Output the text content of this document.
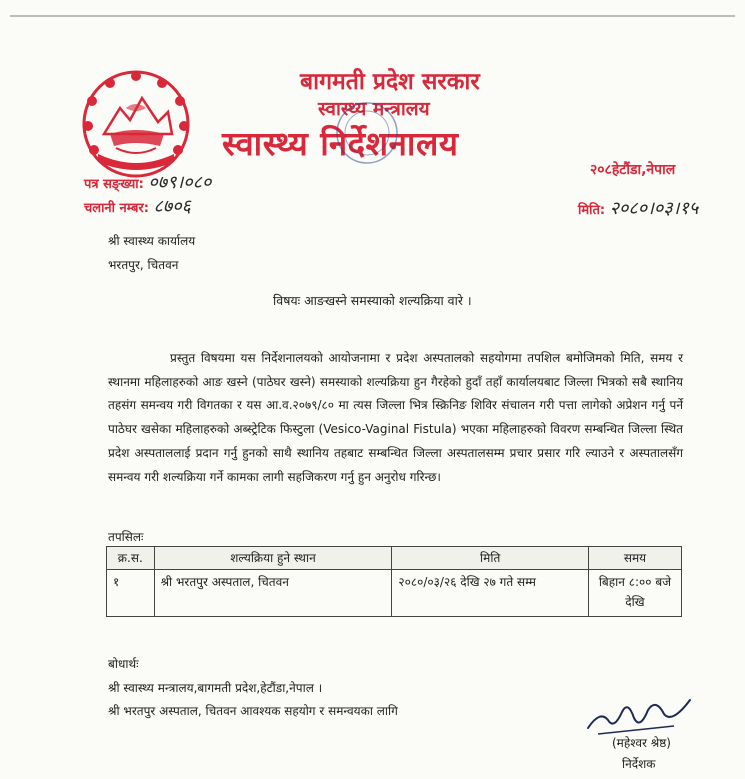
बागमती प्रदेश सरकार
स्वास्थ्य मन्त्रालय
स्वास्थ्य निर्देशनालय
२०८हेटौंडा,नेपाल
पत्र सङ्ख्या: ०७९।०८०
चलानी नम्बर: ८७०६	मिति: २०८०।०३।१५
श्री स्वास्थ्य कार्यालय
भरतपुर, चितवन
विषयः आङखस्ने समस्याको शल्यक्रिया वारे ।
प्रस्तुत विषयमा यस निर्देशनालयको आयोजनामा र प्रदेश अस्पतालको सहयोगमा तपशिल बमोजिमको मिति, समय र स्थानमा महिलाहरुको आङ खस्ने (पाठेघर खस्ने) समस्याको शल्यक्रिया हुन गैरहेको हुदाँ तहाँ कार्यालयबाट जिल्ला भित्रको सबै स्थानिय तहसंग समन्वय गरी विगतका र यस आ.व.२०७९/८० मा त्यस जिल्ला भित्र स्क्रिनिङ शिविर संचालन गरी पत्ता लागेको अप्रेशन गर्नु पर्ने पाठेघर खसेका महिलाहरुको अब्स्ट्रेटिक फिस्टुला (Vesico-Vaginal Fistula) भएका महिलाहरुको विवरण सम्बन्धित जिल्ला स्थित प्रदेश अस्पताललाई प्रदान गर्नु हुनको साथै स्थानिय तहबाट सम्बन्धित जिल्ला अस्पतालसम्म प्रचार प्रसार गरि ल्याउने र अस्पतालसँग समन्वय गरी शल्यक्रिया गर्ने कामका लागी सहजिकरण गर्नु हुन अनुरोध गरिन्छ।
तपसिलः
क्र.स.	शल्यक्रिया हुने स्थान	मिति	समय
१	श्री भरतपुर अस्पताल, चितवन	२०८०/०३/२६ देखि २७ गते सम्म	बिहान ८:०० बजे देखि
बोधार्थः
श्री स्वास्थ्य मन्त्रालय,बागमती प्रदेश,हेटौंडा,नेपाल ।
श्री भरतपुर अस्पताल, चितवन आवश्यक सहयोग र समन्वयका लागि
(महेश्वर श्रेष्ठ)
निर्देशक
